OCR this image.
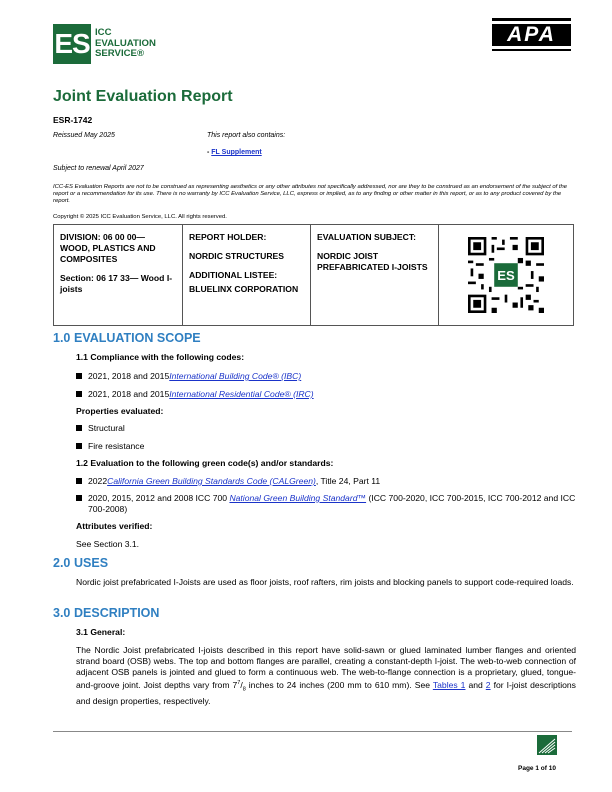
ES ICC
EVALUATION
SERVICE®
APA
Joint Evaluation Report
ESR-1742
Reissued May 2025	This report also contains:
- FL Supplement
Subject to renewal April 2027
ICC-ES Evaluation Reports are not to be construed as representing aesthetics or any other attributes not specifically addressed, nor are they to be construed as an endorsement of the subject of the report or a recommendation for its use. There is no warranty by ICC Evaluation Service, LLC, express or implied, as to any finding or other matter in this report, or as to any product covered by the report.
Copyright © 2025 ICC Evaluation Service, LLC. All rights reserved.

DIVISION: 06 00 00— WOOD, PLASTICS AND COMPOSITES

Section: 06 17 33— Wood I-joists

REPORT HOLDER:

NORDIC STRUCTURES

ADDITIONAL LISTEE:

BLUELINX CORPORATION

EVALUATION SUBJECT:

NORDIC JOIST PREFABRICATED I-JOISTS

ES
1.0 EVALUATION SCOPE
1.1 Compliance with the following codes:
2021, 2018 and 2015 International Building Code® (IBC)
2021, 2018 and 2015 International Residential Code® (IRC)
Properties evaluated:
Structural
Fire resistance
1.2 Evaluation to the following green code(s) and/or standards:
2022 California Green Building Standards Code (CALGreen) , Title 24, Part 11
2020, 2015, 2012 and 2008 ICC 700 National Green Building Standard™ (ICC 700-2020, ICC 700-2015, ICC 700-2012 and ICC 700-2008)
Attributes verified:
See Section 3.1.
2.0 USES
Nordic joist prefabricated I-Joists are used as floor joists, roof rafters, rim joists and blocking panels to support code-required loads.
3.0 DESCRIPTION
3.1 General:
The Nordic Joist prefabricated I-joists described in this report have solid-sawn or glued laminated lumber flanges and oriented strand board (OSB) webs. The top and bottom flanges are parallel, creating a constant-depth I-joist. The web-to-web connection of adjacent OSB panels is jointed and glued to form a continuous web. The web-to-flange connection is a proprietary, glued, tongue-and-groove joint. Joist depths vary from $7^7/_8$ inches to 24 inches (200 mm to 610 mm). See Tables 1 and 2 for I-joist descriptions and design properties, respectively.
Page 1 of 10
